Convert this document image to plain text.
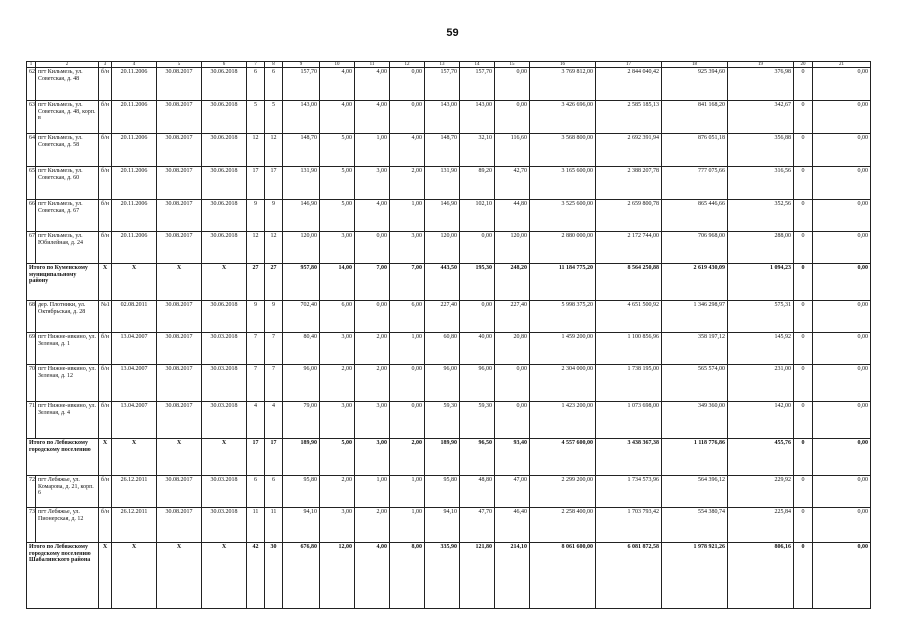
59
1	2	3	4	5	6	7	8	9	10	11	12	13	14	15	16	17	18	19	20	21
62	пгт Кильмезь, ул. Советская, д. 48	б/н	20.11.2006	30.08.2017	30.06.2018	6	6	157,70	4,00	4,00	0,00	157,70	157,70	0,00	3 769 812,00	2 844 040,42	925 394,60	376,98	0	0,00
63	пгт Кильмезь, ул. Советская, д. 48, корп. в	б/н	20.11.2006	30.08.2017	30.06.2018	5	5	143,00	4,00	4,00	0,00	143,00	143,00	0,00	3 426 696,00	2 585 185,13	841 168,20	342,67	0	0,00
64	пгт Кильмезь, ул. Советская, д. 58	б/н	20.11.2006	30.08.2017	30.06.2018	12	12	148,70	5,00	1,00	4,00	148,70	32,10	116,60	3 568 800,00	2 692 391,94	876 051,18	356,88	0	0,00
65	пгт Кильмезь, ул. Советская, д. 60	б/н	20.11.2006	30.08.2017	30.06.2018	17	17	131,90	5,00	3,00	2,00	131,90	89,20	42,70	3 165 600,00	2 388 207,78	777 075,66	316,56	0	0,00
66	пгт Кильмезь, ул. Советская, д. 67	б/н	20.11.2006	30.08.2017	30.06.2018	9	9	146,90	5,00	4,00	1,00	146,90	102,10	44,80	3 525 600,00	2 659 800,78	865 446,66	352,56	0	0,00
67	пгт Кильмезь, ул. Юбилейная, д. 24	б/н	20.11.2006	30.08.2017	30.06.2018	12	12	120,00	3,00	0,00	3,00	120,00	0,00	120,00	2 880 000,00	2 172 744,00	706 968,00	288,00	0	0,00
Итого по Куменскому муниципальному району		X	X	X	X	27	27	957,80	14,00	7,00	7,00	443,50	195,30	248,20	11 184 775,20	8 564 250,88	2 619 430,09	1 094,23	0	0,00
68	дер. Плотники, ул. Октябрьская, д. 28	№1	02.08.2011	30.08.2017	30.06.2018	9	9	702,40	6,00	0,00	6,00	227,40	0,00	227,40	5 998 375,20	4 651 500,92	1 346 298,97	575,31	0	0,00
69	пгт Нижне-ивкино, ул. Зеленая, д. 1	б/н	13.04.2007	30.08.2017	30.03.2018	7	7	80,40	3,00	2,00	1,00	60,80	40,00	20,80	1 459 200,00	1 100 856,96	358 197,12	145,92	0	0,00
70	пгт Нижне-ивкино, ул. Зеленая, д. 12	б/н	13.04.2007	30.08.2017	30.03.2018	7	7	96,00	2,00	2,00	0,00	96,00	96,00	0,00	2 304 000,00	1 738 195,00	565 574,00	231,00	0	0,00
71	пгт Нижне-ивкино, ул. Зеленая, д. 4	б/н	13.04.2007	30.08.2017	30.03.2018	4	4	79,00	3,00	3,00	0,00	59,30	59,30	0,00	1 423 200,00	1 073 698,00	349 360,00	142,00	0	0,00
Итого по Лебяжскому городскому поселению		X	X	X	X	17	17	189,90	5,00	3,00	2,00	189,90	96,50	93,40	4 557 600,00	3 438 367,38	1 118 776,86	455,76	0	0,00
72	пгт Лебяжье, ул. Комарова, д. 21, корп. 6	б/н	26.12.2011	30.08.2017	30.03.2018	6	6	95,80	2,00	1,00	1,00	95,80	48,80	47,00	2 299 200,00	1 734 573,96	564 396,12	229,92	0	0,00
73	пгт Лебяжье, ул. Пионерская, д. 12	б/н	26.12.2011	30.08.2017	30.03.2018	11	11	94,10	3,00	2,00	1,00	94,10	47,70	46,40	2 258 400,00	1 703 793,42	554 380,74	225,84	0	0,00
Итого по Лебяжскому городскому поселению Шабалинского района		X	X	X	X	42	30	676,80	12,00	4,00	8,00	335,90	121,80	214,10	8 061 600,00	6 081 872,58	1 978 921,26	806,16	0	0,00
